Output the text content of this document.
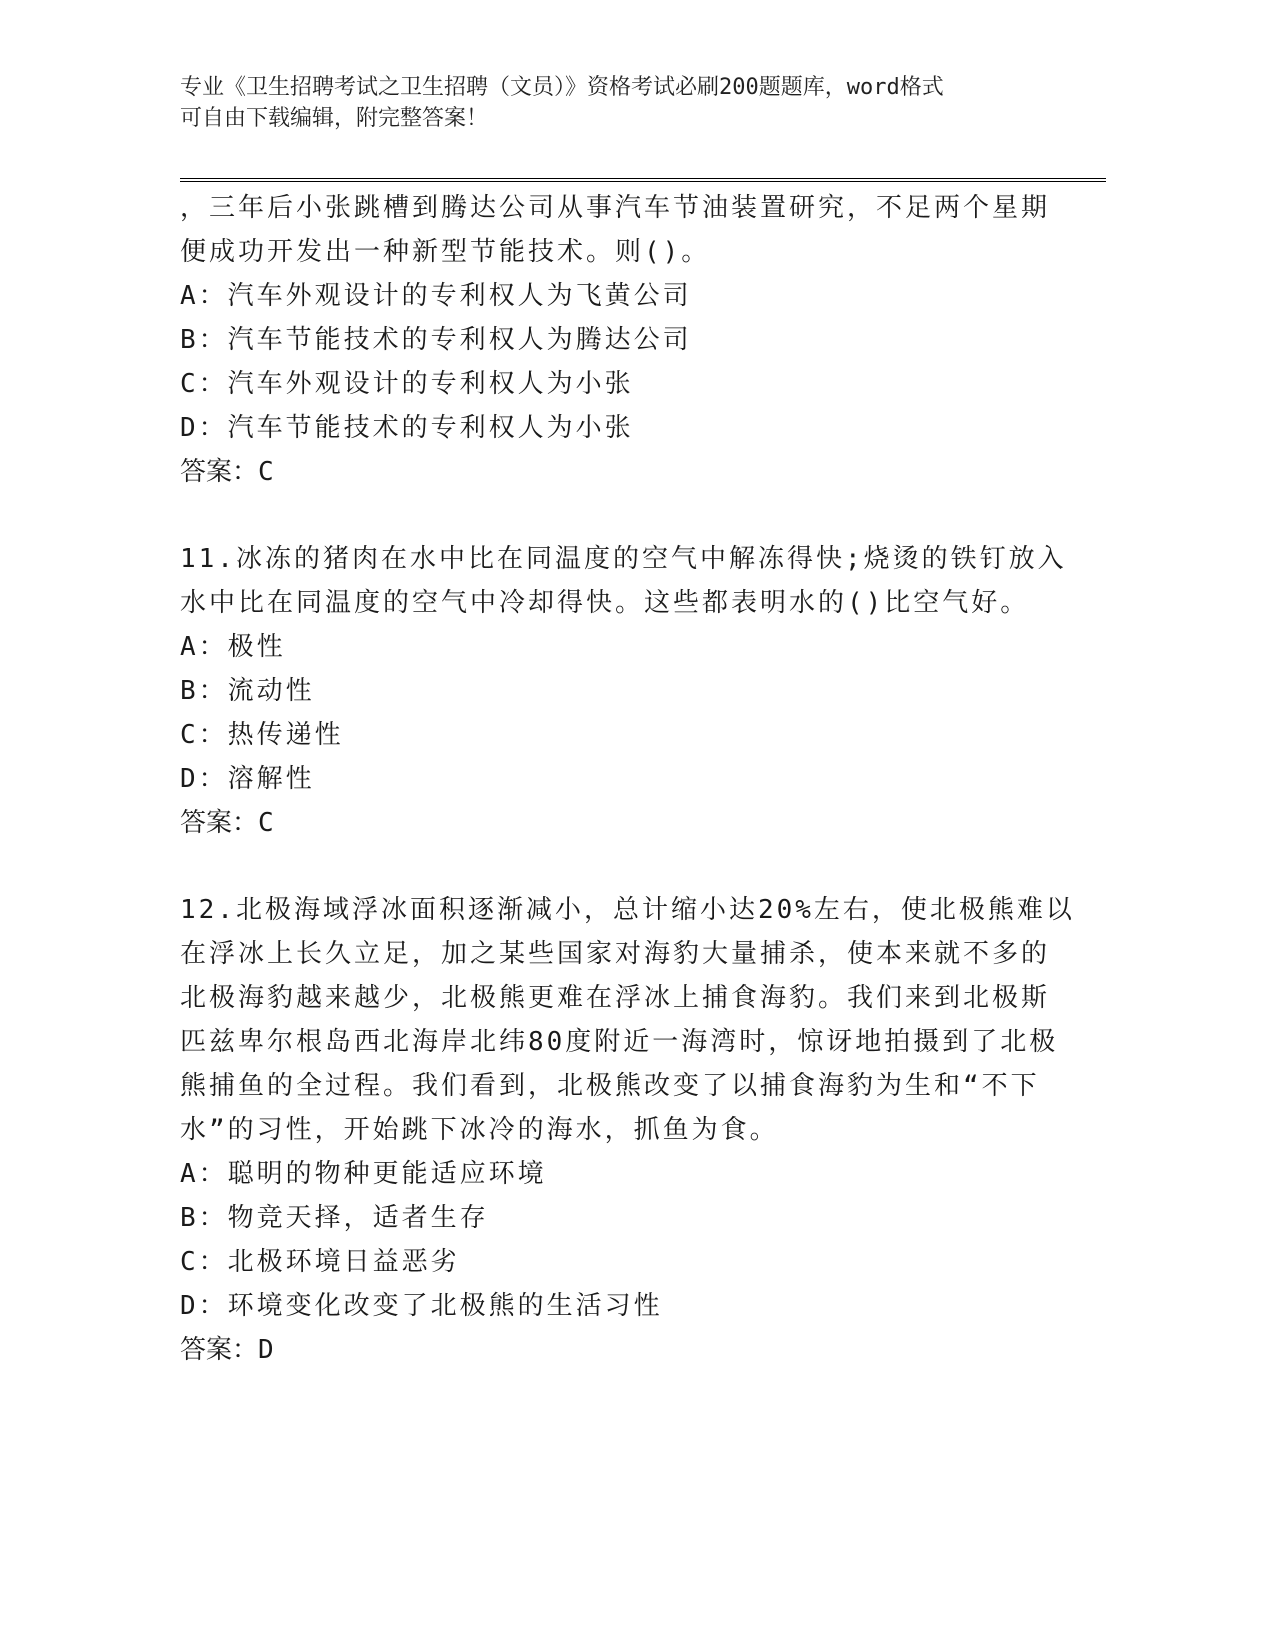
专业《卫生招聘考试之卫生招聘（文员）》资格考试必刷200题题库，word格式
可自由下载编辑，附完整答案！
，三年后小张跳槽到腾达公司从事汽车节油装置研究，不足两个星期
便成功开发出一种新型节能技术。则()。
A：汽车外观设计的专利权人为飞黄公司
B：汽车节能技术的专利权人为腾达公司
C：汽车外观设计的专利权人为小张
D：汽车节能技术的专利权人为小张
答案：C
11.冰冻的猪肉在水中比在同温度的空气中解冻得快;烧烫的铁钉放入
水中比在同温度的空气中冷却得快。这些都表明水的()比空气好。
A：极性
B：流动性
C：热传递性
D：溶解性
答案：C
12.北极海域浮冰面积逐渐减小，总计缩小达20%左右，使北极熊难以
在浮冰上长久立足，加之某些国家对海豹大量捕杀，使本来就不多的
北极海豹越来越少，北极熊更难在浮冰上捕食海豹。我们来到北极斯
匹兹卑尔根岛西北海岸北纬80度附近一海湾时，惊讶地拍摄到了北极
熊捕鱼的全过程。我们看到，北极熊改变了以捕食海豹为生和“不下
水”的习性，开始跳下冰冷的海水，抓鱼为食。
A：聪明的物种更能适应环境
B：物竞天择，适者生存
C：北极环境日益恶劣
D：环境变化改变了北极熊的生活习性
答案：D
